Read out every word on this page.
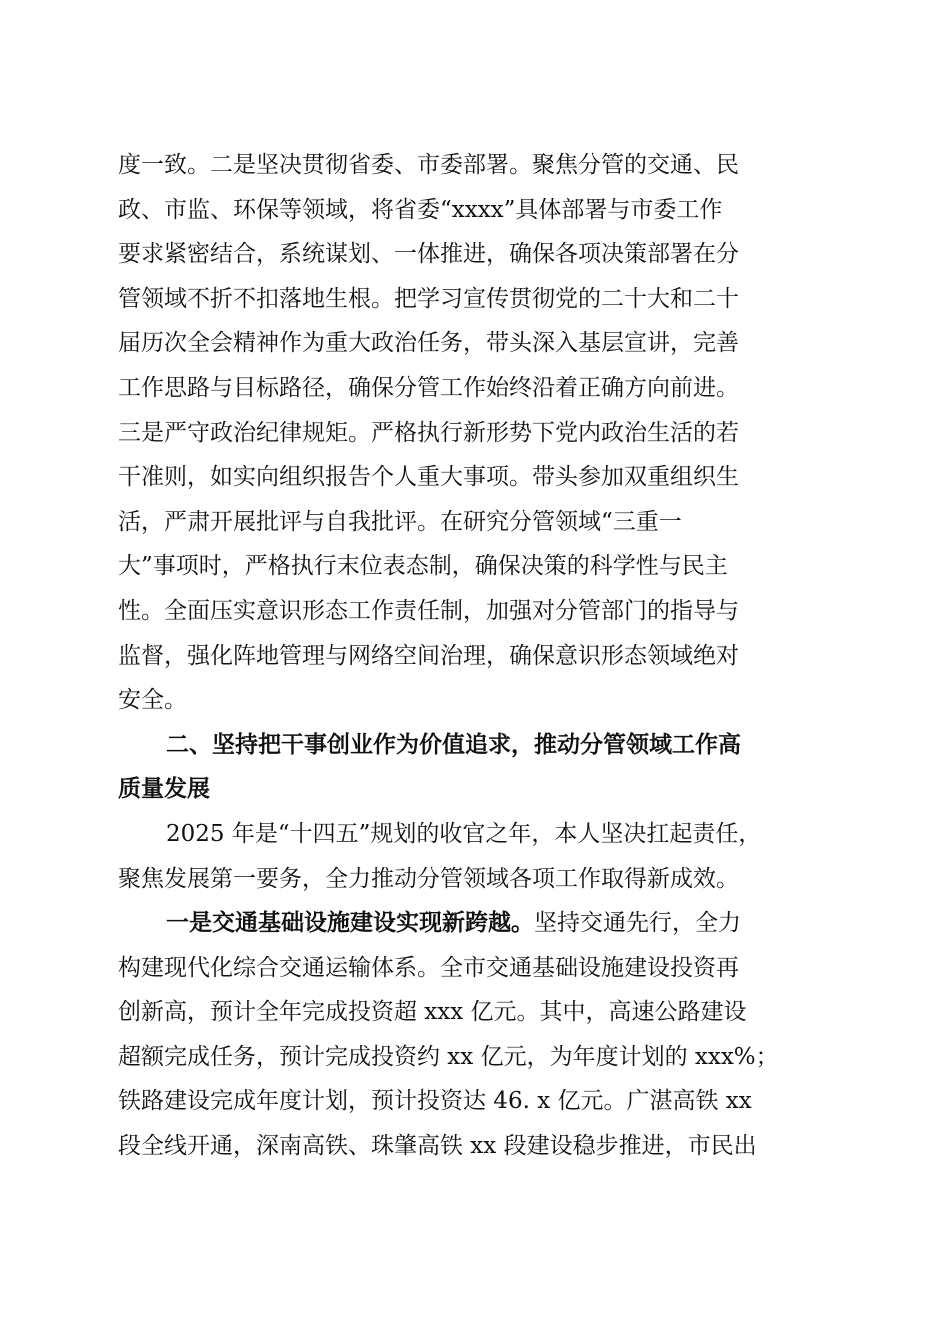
度一致。二是坚决贯彻省委、市委部署。聚焦分管的交通、民
政、市监、环保等领域，将省委“xxxx”具体部署与市委工作
要求紧密结合，系统谋划、一体推进，确保各项决策部署在分
管领域不折不扣落地生根。把学习宣传贯彻党的二十大和二十
届历次全会精神作为重大政治任务，带头深入基层宣讲，完善
工作思路与目标路径，确保分管工作始终沿着正确方向前进。
三是严守政治纪律规矩。严格执行新形势下党内政治生活的若
干准则，如实向组织报告个人重大事项。带头参加双重组织生
活，严肃开展批评与自我批评。在研究分管领域“三重一
大”事项时，严格执行末位表态制，确保决策的科学性与民主
性。全面压实意识形态工作责任制，加强对分管部门的指导与
监督，强化阵地管理与网络空间治理，确保意识形态领域绝对
安全。
二、坚持把干事创业作为价值追求，推动分管领域工作高
质量发展
2025 年是“十四五”规划的收官之年，本人坚决扛起责任，
聚焦发展第一要务，全力推动分管领域各项工作取得新成效。
一是交通基础设施建设实现新跨越。 坚持交通先行，全力
构建现代化综合交通运输体系。全市交通基础设施建设投资再
创新高，预计全年完成投资超 xxx 亿元。其中，高速公路建设
超额完成任务，预计完成投资约 xx 亿元，为年度计划的 xxx%；
铁路建设完成年度计划，预计投资达 46. x 亿元。广湛高铁 xx
段全线开通，深南高铁、珠肇高铁 xx 段建设稳步推进，市民出
